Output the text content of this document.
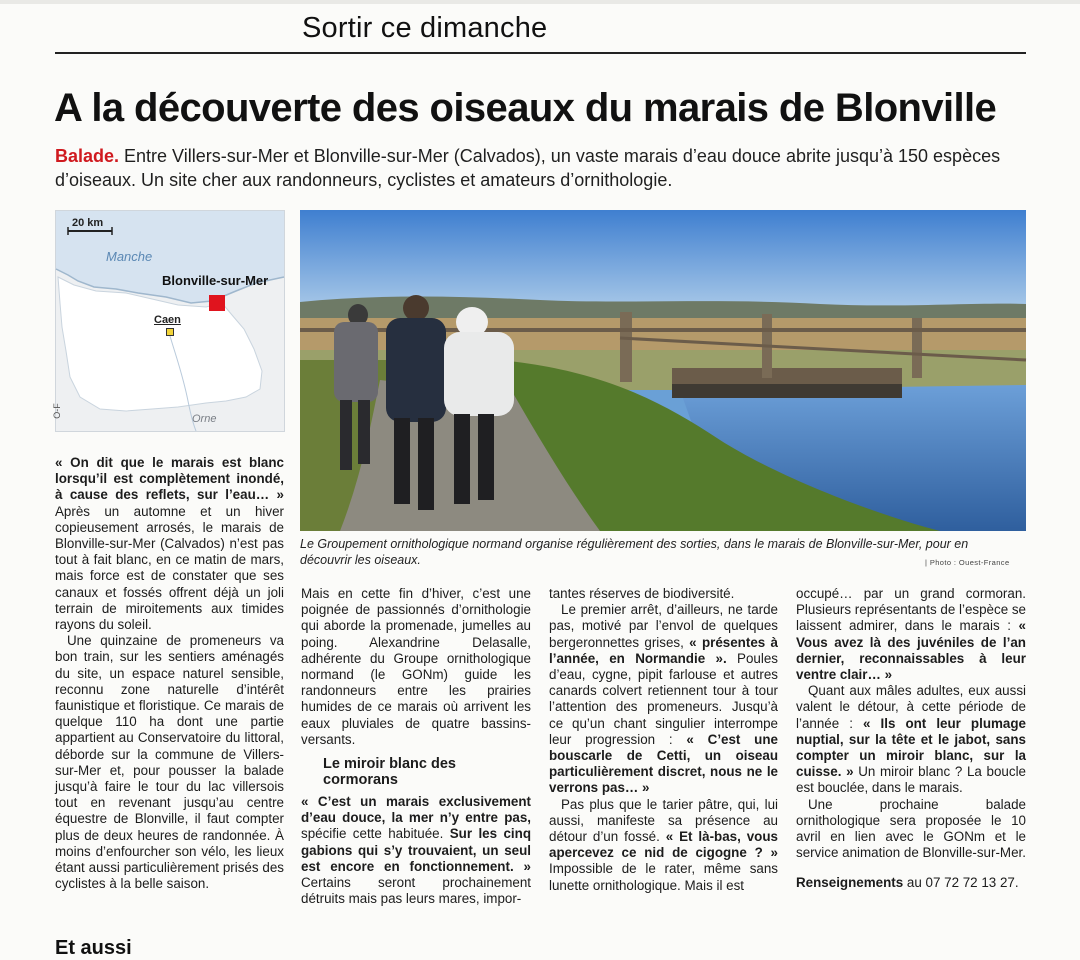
Sortir ce dimanche
A la découverte des oiseaux du marais de Blonville
Balade. Entre Villers-sur-Mer et Blonville-sur-Mer (Calvados), un vaste marais d’eau douce abrite jusqu’à 150 espèces d’oiseaux. Un site cher aux randonneurs, cyclistes et amateurs d’ornithologie.
20 km
Manche
Blonville-sur-Mer
Caen
Orne
O-F
Le Groupement ornithologique normand organise régulièrement des sorties, dans le marais de Blonville-sur-Mer, pour en découvrir les oiseaux.	| Photo : Ouest-France

« On dit que le marais est blanc lorsqu’il est complètement inondé, à cause des reflets, sur l’eau… » Après un automne et un hiver copieusement arrosés, le marais de Blonville-sur-Mer (Calvados) n’est pas tout à fait blanc, en ce matin de mars, mais force est de constater que ses canaux et fossés offrent déjà un joli terrain de miroitements aux timides rayons du soleil.

Une quinzaine de promeneurs va bon train, sur les sentiers aménagés du site, un espace naturel sensible, reconnu zone naturelle d’intérêt faunistique et floristique. Ce marais de quelque 110 ha dont une partie appartient au Conservatoire du littoral, déborde sur la commune de Villers-sur-Mer et, pour pousser la balade jusqu’à faire le tour du lac villersois tout en revenant jusqu’au centre équestre de Blonville, il faut compter plus de deux heures de randonnée. À moins d’enfourcher son vélo, les lieux étant aussi particulièrement prisés des cyclistes à la belle saison.

Mais en cette fin d’hiver, c’est une poignée de passionnés d’ornithologie qui aborde la promenade, jumelles au poing. Alexandrine Delasalle, adhérente du Groupe ornithologique normand (le GONm) guide les randonneurs entre les prairies humides de ce marais où arrivent les eaux pluviales de quatre bassins-versants.

Le miroir blanc des cormorans

« C’est un marais exclusivement d’eau douce, la mer n’y entre pas, spécifie cette habituée. Sur les cinq gabions qui s’y trouvaient, un seul est encore en fonctionnement. » Certains seront prochainement détruits mais pas leurs mares, impor-

tantes réserves de biodiversité.

Le premier arrêt, d’ailleurs, ne tarde pas, motivé par l’envol de quelques bergeronnettes grises, « présentes à l’année, en Normandie ». Poules d’eau, cygne, pipit farlouse et autres canards colvert retiennent tour à tour l’attention des promeneurs. Jusqu’à ce qu’un chant singulier interrompe leur progression : « C’est une bouscarle de Cetti, un oiseau particulièrement discret, nous ne le verrons pas… »

Pas plus que le tarier pâtre, qui, lui aussi, manifeste sa présence au détour d’un fossé. « Et là-bas, vous apercevez ce nid de cigogne ? » Impossible de le rater, même sans lunette ornithologique. Mais il est

occupé… par un grand cormoran. Plusieurs représentants de l’espèce se laissent admirer, dans le marais : « Vous avez là des juvéniles de l’an dernier, reconnaissables à leur ventre clair… »

Quant aux mâles adultes, eux aussi valent le détour, à cette période de l’année : « Ils ont leur plumage nuptial, sur la tête et le jabot, sans compter un miroir blanc, sur la cuisse. » Un miroir blanc ? La boucle est bouclée, dans le marais.

Une prochaine balade ornithologique sera proposée le 10 avril en lien avec le GONm et le service animation de Blonville-sur-Mer.

Renseignements au 07 72 72 13 27.

Et aussi
